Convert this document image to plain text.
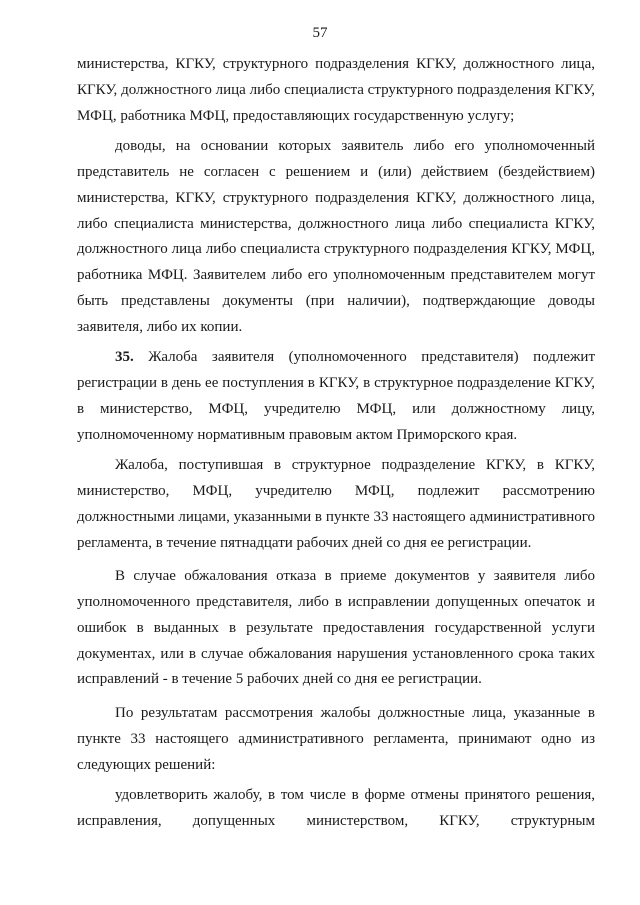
57

министерства, КГКУ, структурного подразделения КГКУ, должностного лица, КГКУ, должностного лица либо специалиста структурного подразделения КГКУ, МФЦ, работника МФЦ, предоставляющих государственную услугу;

доводы, на основании которых заявитель либо его уполномоченный представитель не согласен с решением и (или) действием (бездействием) министерства, КГКУ, структурного подразделения КГКУ, должностного лица, либо специалиста министерства, должностного лица либо специалиста КГКУ, должностного лица либо специалиста структурного подразделения КГКУ, МФЦ, работника МФЦ. Заявителем либо его уполномоченным представителем могут быть представлены документы (при наличии), подтверждающие доводы заявителя, либо их копии.

35. Жалоба заявителя (уполномоченного представителя) подлежит регистрации в день ее поступления в КГКУ, в структурное подразделение КГКУ, в министерство, МФЦ, учредителю МФЦ, или должностному лицу, уполномоченному нормативным правовым актом Приморского края.

Жалоба, поступившая в структурное подразделение КГКУ, в КГКУ, министерство, МФЦ, учредителю МФЦ, подлежит рассмотрению должностными лицами, указанными в пункте 33 настоящего административного регламента, в течение пятнадцати рабочих дней со дня ее регистрации.

В случае обжалования отказа в приеме документов у заявителя либо уполномоченного представителя, либо в исправлении допущенных опечаток и ошибок в выданных в результате предоставления государственной услуги документах, или в случае обжалования нарушения установленного срока таких исправлений - в течение 5 рабочих дней со дня ее регистрации.

По результатам рассмотрения жалобы должностные лица, указанные в пункте 33 настоящего административного регламента, принимают одно из следующих решений:

удовлетворить жалобу, в том числе в форме отмены принятого решения, исправления, допущенных министерством, КГКУ, структурным
